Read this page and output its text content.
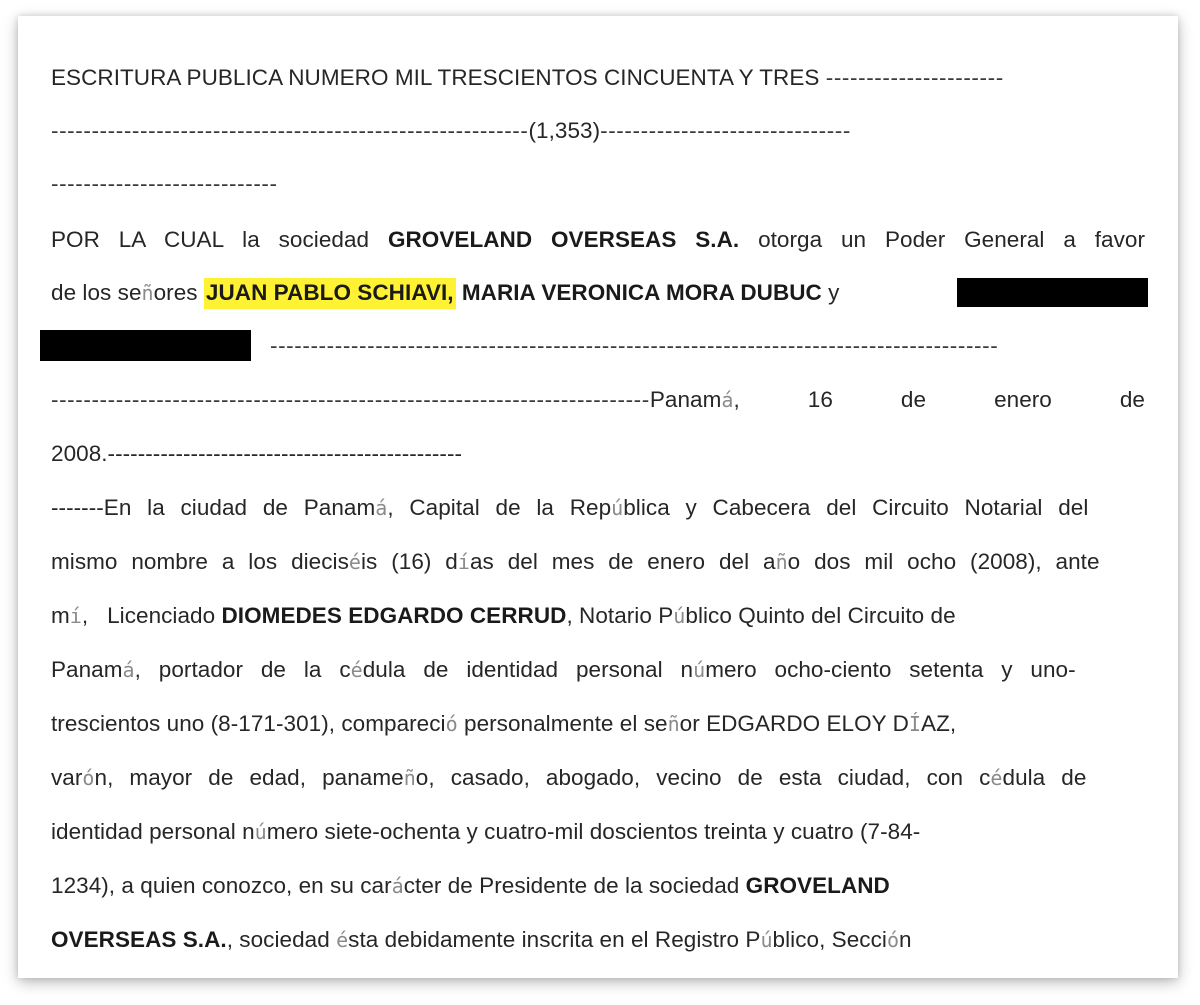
ESCRITURA PUBLICA NUMERO MIL TRESCIENTOS CINCUENTA Y TRES ----------------------
-----------------------------------------------------------(1,353)-------------------------------
----------------------------
POR LA CUAL la sociedad GROVELAND OVERSEAS S.A. otorga un Poder General a favor
de los señores JUAN PABLO SCHIAVI, MARIA VERONICA MORA DUBUC y
------------------------------------------------------------------------------------------
--------------------------------------------------------------------------Panamá, 16 de enero de
2008.-----------------------------------------------
-------En la ciudad de Panamá, Capital de la República y Cabecera del Circuito Notarial del
mismo nombre a los dieciséis (16) días del mes de enero del año dos mil ocho (2008), ante
mí,   Licenciado DIOMEDES EDGARDO CERRUD, Notario Público Quinto del Circuito de
Panamá, portador de la cédula de identidad personal número ocho-ciento setenta y uno-
trescientos uno (8-171-301), compareció personalmente el señor EDGARDO ELOY DÍAZ,
varón, mayor de edad, panameño, casado, abogado, vecino de esta ciudad, con cédula de
identidad personal número siete-ochenta y cuatro-mil doscientos treinta y cuatro (7-84-
1234), a quien conozco, en su carácter de Presidente de la sociedad GROVELAND
OVERSEAS S.A., sociedad ésta debidamente inscrita en el Registro Público, Sección
